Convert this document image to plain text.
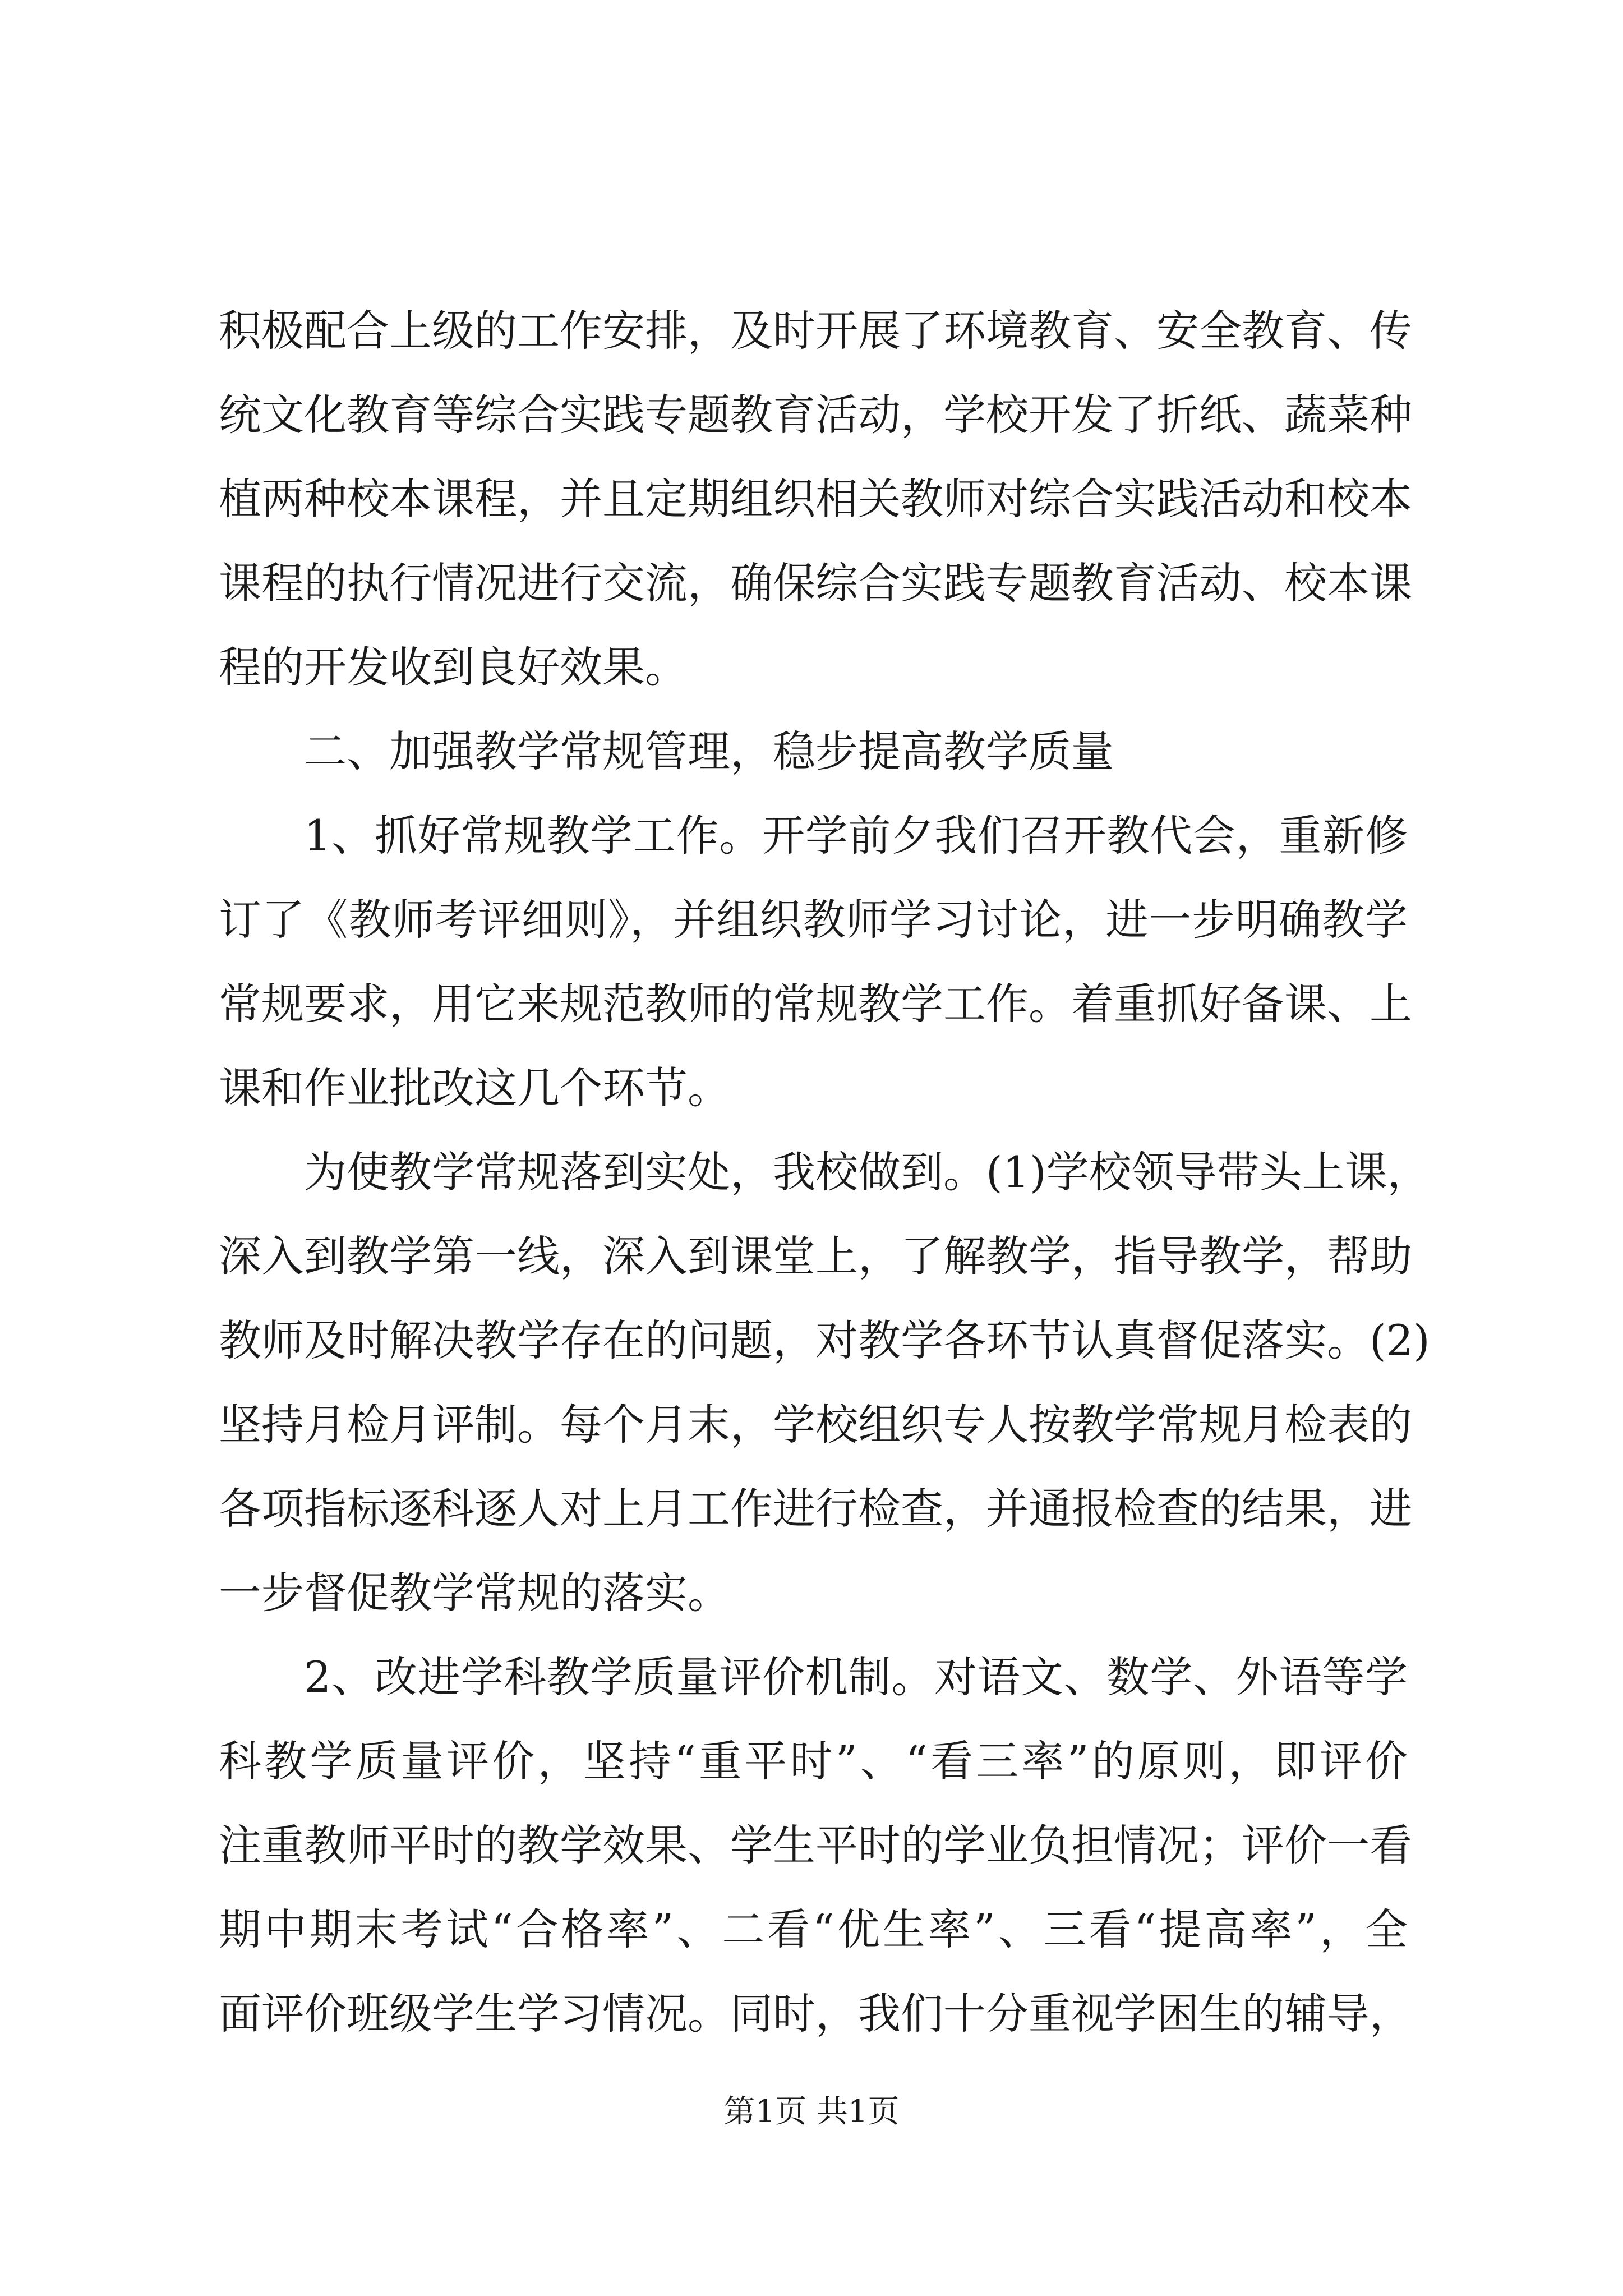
积极配合上级的工作安排，及时开展了环境教育、安全教育、传
统文化教育等综合实践专题教育活动，学校开发了折纸、蔬菜种
植两种校本课程，并且定期组织相关教师对综合实践活动和校本
课程的执行情况进行交流，确保综合实践专题教育活动、校本课
程的开发收到良好效果。
二、加强教学常规管理，稳步提高教学质量
1、抓好常规教学工作。开学前夕我们召开教代会，重新修
订了《教师考评细则》，并组织教师学习讨论，进一步明确教学
常规要求，用它来规范教师的常规教学工作。着重抓好备课、上
课和作业批改这几个环节。
为使教学常规落到实处，我校做到。(1)学校领导带头上课，
深入到教学第一线，深入到课堂上，了解教学，指导教学，帮助
教师及时解决教学存在的问题，对教学各环节认真督促落实。(2)
坚持月检月评制。每个月末，学校组织专人按教学常规月检表的
各项指标逐科逐人对上月工作进行检查，并通报检查的结果，进
一步督促教学常规的落实。
2、改进学科教学质量评价机制。对语文、数学、外语等学
科教学质量评价，坚持“重平时”、“看三率”的原则，即评价
注重教师平时的教学效果、学生平时的学业负担情况；评价一看
期中期末考试“合格率”、二看“优生率”、三看“提高率”，全
面评价班级学生学习情况。同时，我们十分重视学困生的辅导，
第1页 共1页
